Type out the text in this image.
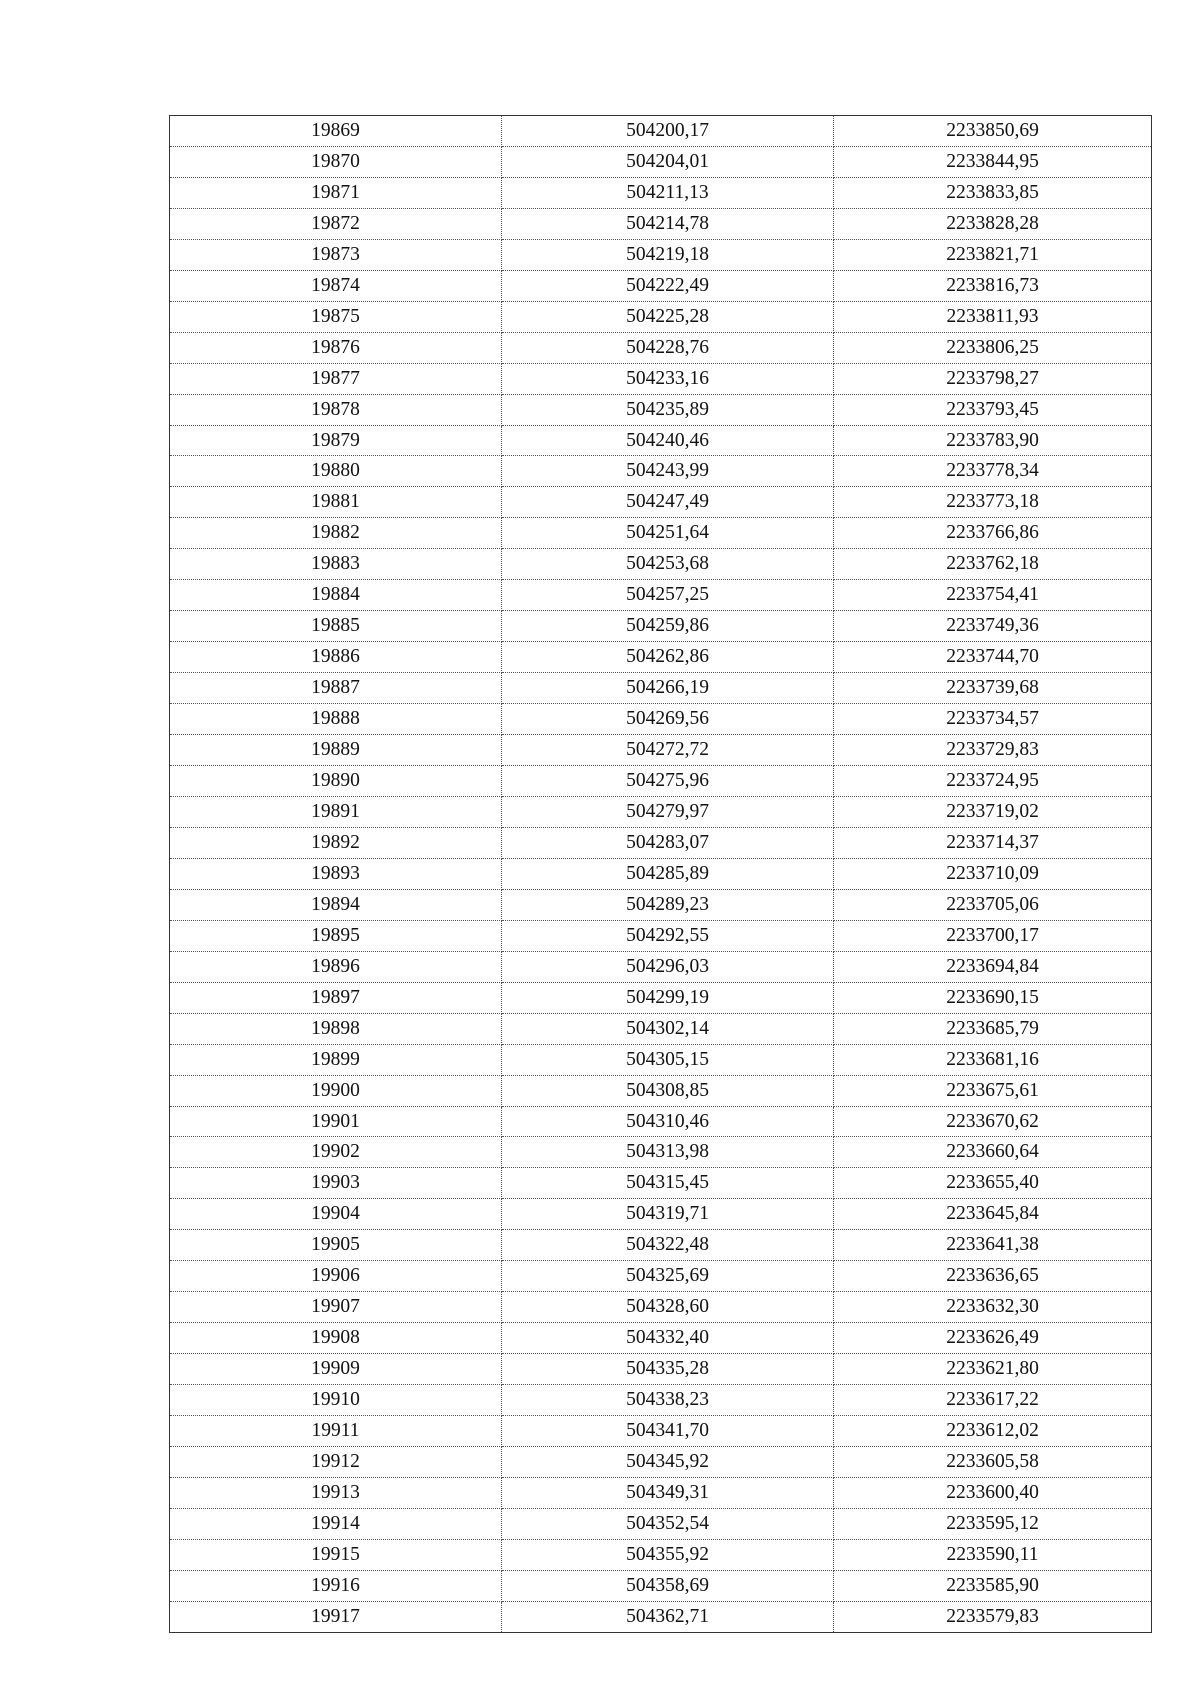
19869	504200,17	2233850,69
19870	504204,01	2233844,95
19871	504211,13	2233833,85
19872	504214,78	2233828,28
19873	504219,18	2233821,71
19874	504222,49	2233816,73
19875	504225,28	2233811,93
19876	504228,76	2233806,25
19877	504233,16	2233798,27
19878	504235,89	2233793,45
19879	504240,46	2233783,90
19880	504243,99	2233778,34
19881	504247,49	2233773,18
19882	504251,64	2233766,86
19883	504253,68	2233762,18
19884	504257,25	2233754,41
19885	504259,86	2233749,36
19886	504262,86	2233744,70
19887	504266,19	2233739,68
19888	504269,56	2233734,57
19889	504272,72	2233729,83
19890	504275,96	2233724,95
19891	504279,97	2233719,02
19892	504283,07	2233714,37
19893	504285,89	2233710,09
19894	504289,23	2233705,06
19895	504292,55	2233700,17
19896	504296,03	2233694,84
19897	504299,19	2233690,15
19898	504302,14	2233685,79
19899	504305,15	2233681,16
19900	504308,85	2233675,61
19901	504310,46	2233670,62
19902	504313,98	2233660,64
19903	504315,45	2233655,40
19904	504319,71	2233645,84
19905	504322,48	2233641,38
19906	504325,69	2233636,65
19907	504328,60	2233632,30
19908	504332,40	2233626,49
19909	504335,28	2233621,80
19910	504338,23	2233617,22
19911	504341,70	2233612,02
19912	504345,92	2233605,58
19913	504349,31	2233600,40
19914	504352,54	2233595,12
19915	504355,92	2233590,11
19916	504358,69	2233585,90
19917	504362,71	2233579,83
